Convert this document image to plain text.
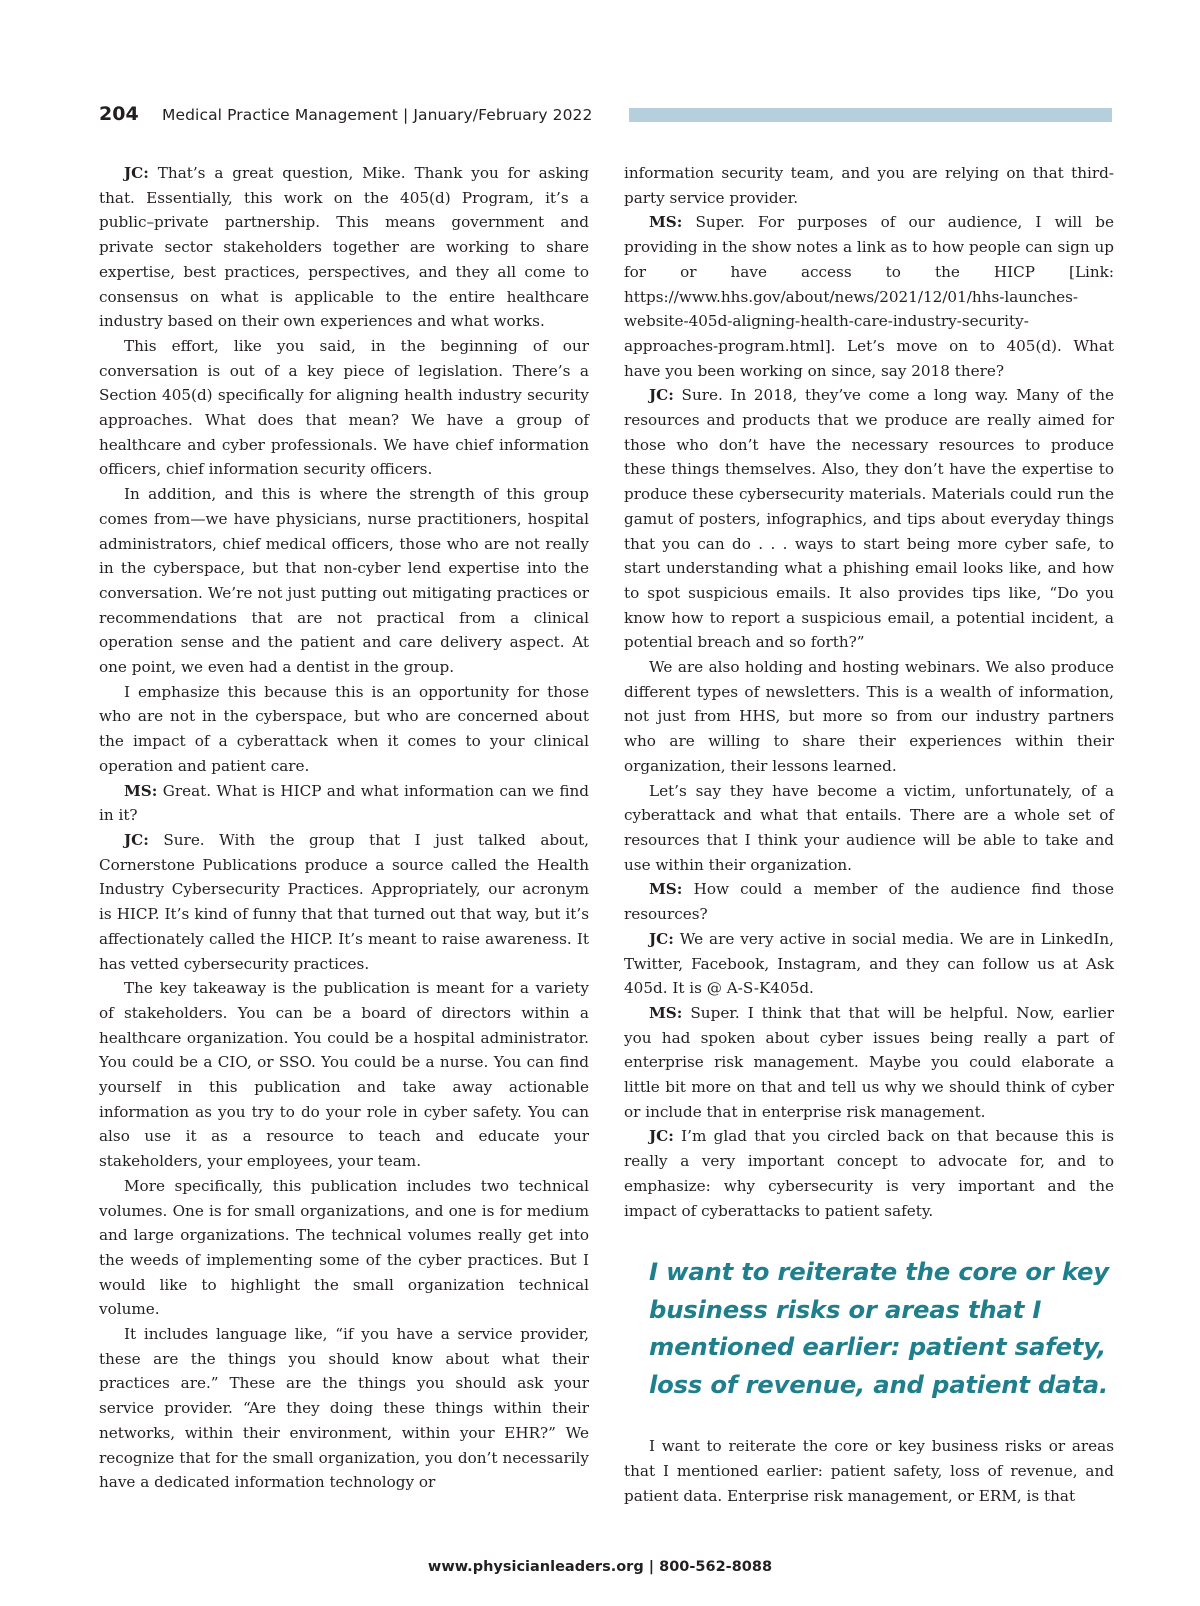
204 Medical Practice Management | January/February 2022

JC: That’s a great question, Mike. Thank you for asking that. Essentially, this work on the 405(d) Program, it’s a public–private partnership. This means government and private sector stakeholders together are working to share expertise, best practices, perspectives, and they all come to consensus on what is applicable to the entire healthcare industry based on their own experiences and what works.

This effort, like you said, in the beginning of our conversation is out of a key piece of legislation. There’s a Section 405(d) specifically for aligning health industry security approaches. What does that mean? We have a group of healthcare and cyber professionals. We have chief information officers, chief information security officers.

In addition, and this is where the strength of this group comes from—we have physicians, nurse practitioners, hospital administrators, chief medical officers, those who are not really in the cyberspace, but that non-cyber lend expertise into the conversation. We’re not just putting out mitigating practices or recommendations that are not practical from a clinical operation sense and the patient and care delivery aspect. At one point, we even had a dentist in the group.

I emphasize this because this is an opportunity for those who are not in the cyberspace, but who are concerned about the impact of a cyberattack when it comes to your clinical operation and patient care.

MS: Great. What is HICP and what information can we find in it?

JC: Sure. With the group that I just talked about, Cornerstone Publications produce a source called the Health Industry Cybersecurity Practices. Appropriately, our acronym is HICP. It’s kind of funny that that turned out that way, but it’s affectionately called the HICP. It’s meant to raise awareness. It has vetted cybersecurity practices.

The key takeaway is the publication is meant for a variety of stakeholders. You can be a board of directors within a healthcare organization. You could be a hospital administrator. You could be a CIO, or SSO. You could be a nurse. You can find yourself in this publication and take away actionable information as you try to do your role in cyber safety. You can also use it as a resource to teach and educate your stakeholders, your employees, your team.

More specifically, this publication includes two technical volumes. One is for small organizations, and one is for medium and large organizations. The technical volumes really get into the weeds of implementing some of the cyber practices. But I would like to highlight the small organization technical volume.

It includes language like, “if you have a service provider, these are the things you should know about what their practices are.” These are the things you should ask your service provider. “Are they doing these things within their networks, within their environment, within your EHR?” We recognize that for the small organization, you don’t necessarily have a dedicated information technology or

information security team, and you are relying on that third-party service provider.

MS: Super. For purposes of our audience, I will be providing in the show notes a link as to how people can sign up for or have access to the HICP [Link: https://www.hhs.gov/about/news/2021/12/01/hhs-launches-website-405d-aligning-health-care-industry-security-approaches-program.html]. Let’s move on to 405(d). What have you been working on since, say 2018 there?

JC: Sure. In 2018, they’ve come a long way. Many of the resources and products that we produce are really aimed for those who don’t have the necessary resources to produce these things themselves. Also, they don’t have the expertise to produce these cybersecurity materials. Materials could run the gamut of posters, infographics, and tips about everyday things that you can do . . . ways to start being more cyber safe, to start understanding what a phishing email looks like, and how to spot suspicious emails. It also provides tips like, “Do you know how to report a suspicious email, a potential incident, a potential breach and so forth?”

We are also holding and hosting webinars. We also produce different types of newsletters. This is a wealth of information, not just from HHS, but more so from our industry partners who are willing to share their experiences within their organization, their lessons learned.

Let’s say they have become a victim, unfortunately, of a cyberattack and what that entails. There are a whole set of resources that I think your audience will be able to take and use within their organization.

MS: How could a member of the audience find those resources?

JC: We are very active in social media. We are in LinkedIn, Twitter, Facebook, Instagram, and they can follow us at Ask 405d. It is @ A-S-K405d.

MS: Super. I think that that will be helpful. Now, earlier you had spoken about cyber issues being really a part of enterprise risk management. Maybe you could elaborate a little bit more on that and tell us why we should think of cyber or include that in enterprise risk management.

JC: I’m glad that you circled back on that because this is really a very important concept to advocate for, and to emphasize: why cybersecurity is very important and the impact of cyberattacks to patient safety.

I want to reiterate the core or key business risks or areas that I mentioned earlier: patient safety, loss of revenue, and patient data.

I want to reiterate the core or key business risks or areas that I mentioned earlier: patient safety, loss of revenue, and patient data. Enterprise risk management, or ERM, is that

www.physicianleaders.org | 800-562-8088
